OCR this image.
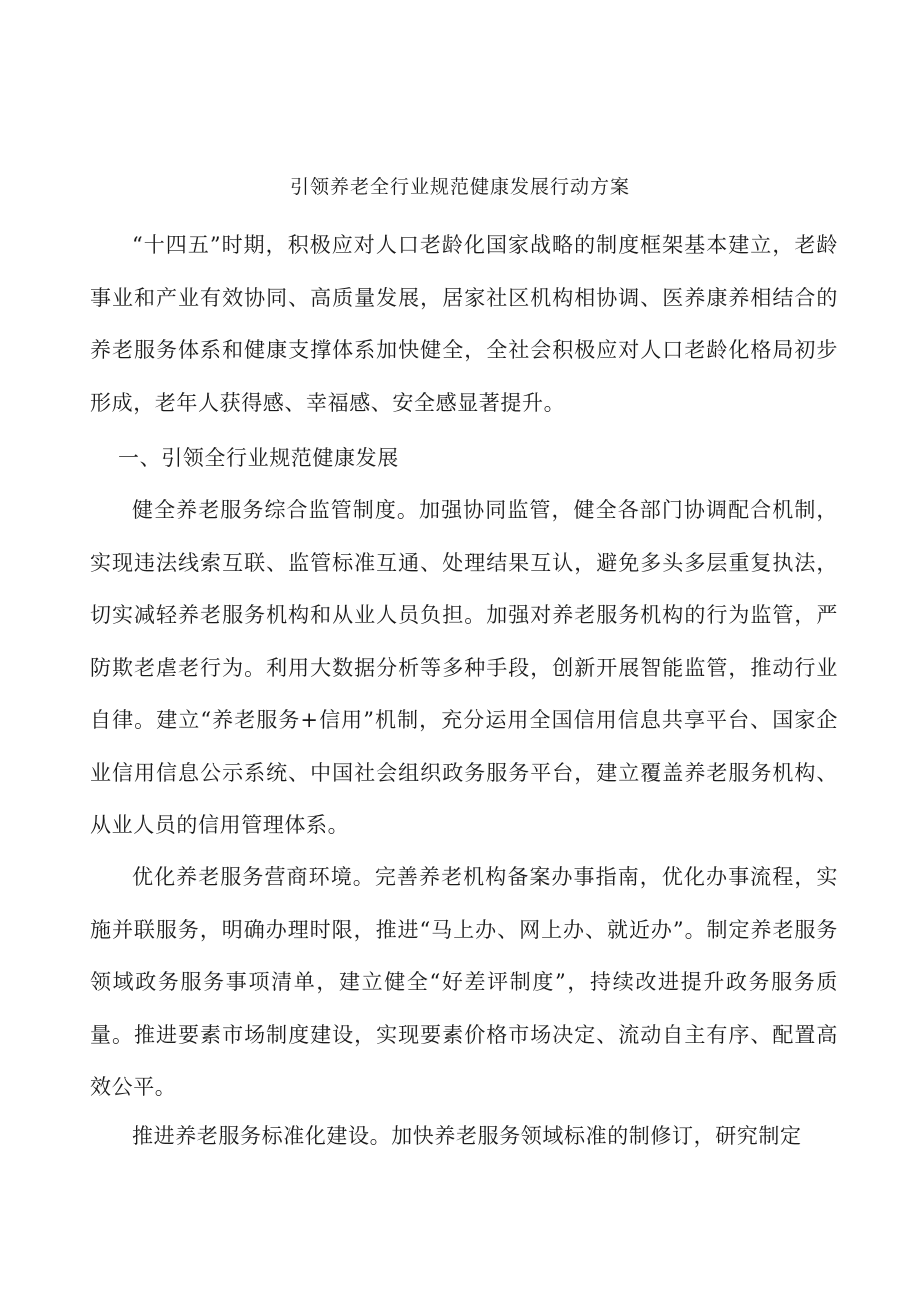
引领养老全行业规范健康发展行动方案

“十四五”时期，积极应对人口老龄化国家战略的制度框架基本建立，老龄事业和产业有效协同、高质量发展，居家社区机构相协调、医养康养相结合的养老服务体系和健康支撑体系加快健全，全社会积极应对人口老龄化格局初步形成，老年人获得感、幸福感、安全感显著提升。

一、引领全行业规范健康发展

健全养老服务综合监管制度。加强协同监管，健全各部门协调配合机制，实现违法线索互联、监管标准互通、处理结果互认，避免多头多层重复执法，切实减轻养老服务机构和从业人员负担。加强对养老服务机构的行为监管，严防欺老虐老行为。利用大数据分析等多种手段，创新开展智能监管，推动行业自律。建立“养老服务+信用”机制，充分运用全国信用信息共享平台、国家企业信用信息公示系统、中国社会组织政务服务平台，建立覆盖养老服务机构、从业人员的信用管理体系。

优化养老服务营商环境。完善养老机构备案办事指南，优化办事流程，实施并联服务，明确办理时限，推进“马上办、网上办、就近办”。制定养老服务领域政务服务事项清单，建立健全“好差评制度”，持续改进提升政务服务质量。推进要素市场制度建设，实现要素价格市场决定、流动自主有序、配置高效公平。

推进养老服务标准化建设。加快养老服务领域标准的制修订，研究制定
